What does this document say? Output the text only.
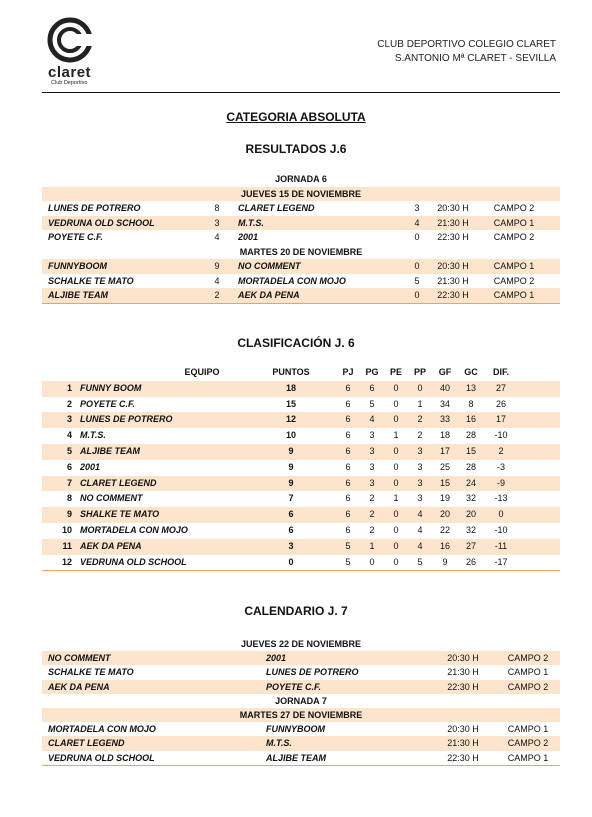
claret
Club Deportivo
CLUB DEPORTIVO COLEGIO CLARET
S.ANTONIO Mª CLARET - SEVILLA
CATEGORIA ABSOLUTA
RESULTADOS J.6
JORNADA 6
JUEVES 15 DE NOVIEMBRE
LUNES DE POTRERO	8	CLARET LEGEND	3	20:30 H	CAMPO 2
VEDRUNA OLD SCHOOL	3	M.T.S.	4	21:30 H	CAMPO 1
POYETE C.F.	4	2001	0	22:30 H	CAMPO 2
MARTES 20 DE NOVIEMBRE
FUNNYBOOM	9	NO COMMENT	0	20:30 H	CAMPO 1
SCHALKE TE MATO	4	MORTADELA CON MOJO	5	21:30 H	CAMPO 2
ALJIBE TEAM	2	AEK DA PENA	0	22:30 H	CAMPO 1
CLASIFICACIÓN J. 6
EQUIPO	PUNTOS	PJ	PG	PE	PP	GF	GC	DIF.
1 FUNNY BOOM	18	6	6	0	0	40	13	27
2 POYETE C.F.	15	6	5	0	1	34	8	26
3 LUNES DE POTRERO	12	6	4	0	2	33	16	17
4 M.T.S.	10	6	3	1	2	18	28	-10
5 ALJIBE TEAM	9	6	3	0	3	17	15	2
6 2001	9	6	3	0	3	25	28	-3
7 CLARET LEGEND	9	6	3	0	3	15	24	-9
8 NO COMMENT	7	6	2	1	3	19	32	-13
9 SHALKE TE MATO	6	6	2	0	4	20	20	0
10 MORTADELA CON MOJO	6	6	2	0	4	22	32	-10
11 AEK DA PENA	3	5	1	0	4	16	27	-11
12 VEDRUNA OLD SCHOOL	0	5	0	0	5	9	26	-17
CALENDARIO J. 7
JUEVES 22 DE NOVIEMBRE
NO COMMENT	2001	20:30 H	CAMPO 2
SCHALKE TE MATO	LUNES DE POTRERO	21:30 H	CAMPO 1
AEK DA PENA	POYETE C.F.	22:30 H	CAMPO 2
JORNADA 7
MARTES 27 DE NOVIEMBRE
MORTADELA CON MOJO	FUNNYBOOM	20:30 H	CAMPO 1
CLARET LEGEND	M.T.S.	21:30 H	CAMPO 2
VEDRUNA OLD SCHOOL	ALJIBE TEAM	22:30 H	CAMPO 1
